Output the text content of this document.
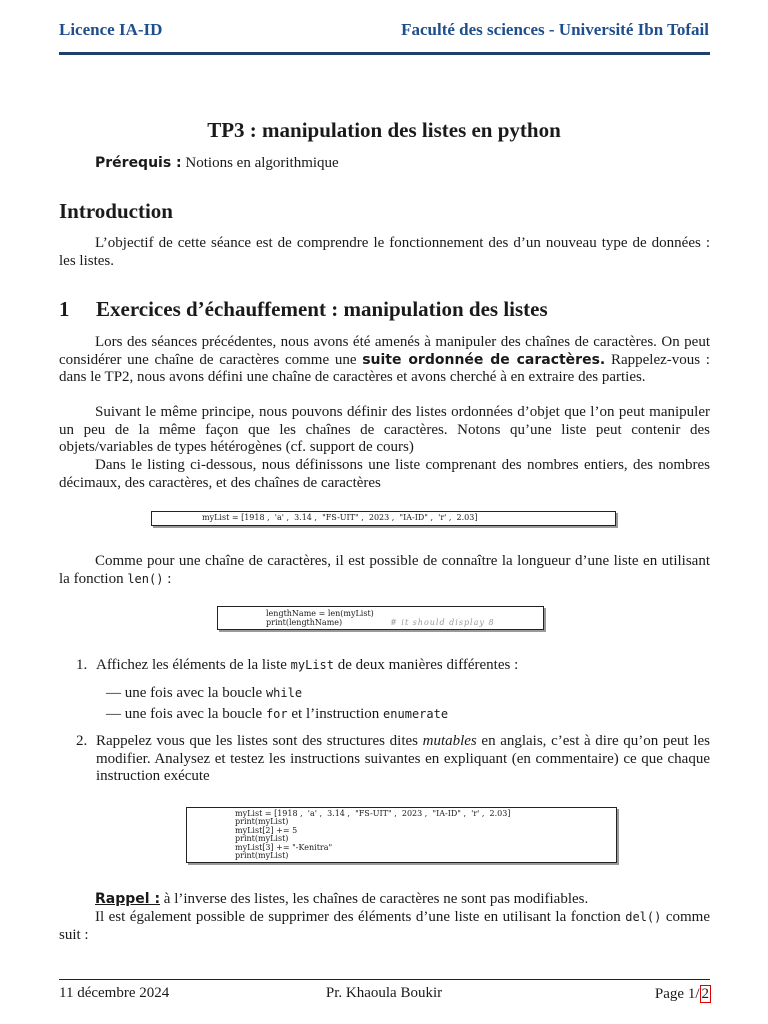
Licence IA-ID	Faculté des sciences - Université Ibn Tofail
TP3 : manipulation des listes en python
Prérequis : Notions en algorithmique
Introduction
L’objectif de cette séance est de comprendre le fonctionnement des d’un nouveau type de données : les listes.
1 Exercices d’échauffement : manipulation des listes
Lors des séances précédentes, nous avons été amenés à manipuler des chaînes de caractères. On peut considérer une chaîne de caractères comme une suite ordonnée de caractères. Rappelez-vous : dans le TP2, nous avons défini une chaîne de caractères et avons cherché à en extraire des parties.
Suivant le même principe, nous pouvons définir des listes ordonnées d’objet que l’on peut manipuler un peu de la même façon que les chaînes de caractères. Notons qu’une liste peut contenir des objets/variables de types hétérogènes (cf. support de cours)
Dans le listing ci-dessous, nous définissons une liste comprenant des nombres entiers, des nombres décimaux, des caractères, et des chaînes de caractères
myList = [1918 ,  'a' ,  3.14 ,  "FS-UIT" ,  2023 ,  "IA-ID" ,  'r' ,  2.03]
Comme pour une chaîne de caractères, il est possible de connaître la longueur d’une liste en utilisant la fonction len() :
lengthName = len(myList)
print(lengthName)	# it should display 8
1. Affichez les éléments de la liste myList de deux manières différentes :
— une fois avec la boucle while
— une fois avec la boucle for et l’instruction enumerate
2. Rappelez vous que les listes sont des structures dites mutables en anglais, c’est à dire qu’on peut les modifier. Analysez et testez les instructions suivantes en expliquant (en commentaire) ce que chaque instruction exécute
myList = [1918 ,  'a' ,  3.14 ,  "FS-UIT" ,  2023 ,  "IA-ID" ,  'r' ,  2.03]
print(myList)
myList[2] += 5
print(myList)
myList[3] += "-Kenitra"
print(myList)
Rappel : à l’inverse des listes, les chaînes de caractères ne sont pas modifiables.
Il est également possible de supprimer des éléments d’une liste en utilisant la fonction del() comme suit :
11 décembre 2024	Pr. Khaoula Boukir	Page 1/ 2
